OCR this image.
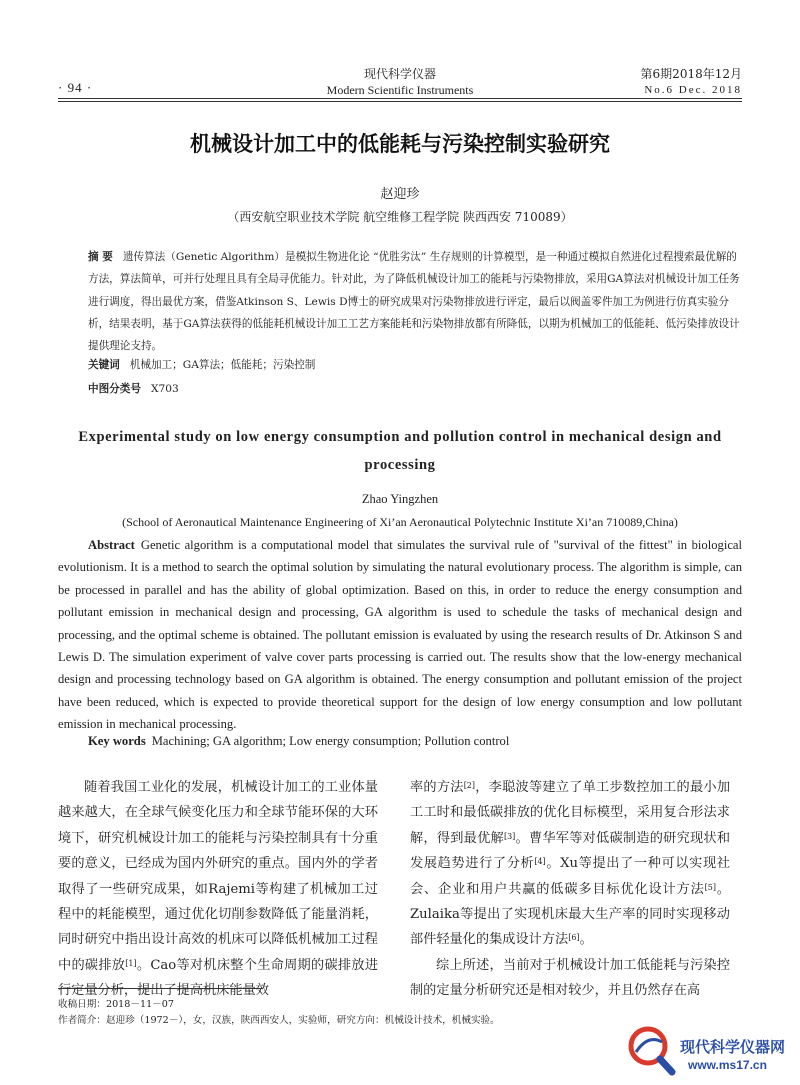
· 94 ·
现代科学仪器
Modern Scientific Instruments
第6期2018年12月
No.6 Dec. 2018
机械设计加工中的低能耗与污染控制实验研究
赵迎珍
（西安航空职业技术学院 航空维修工程学院 陕西西安 710089）
摘 要 遗传算法（Genetic Algorithm）是模拟生物进化论 “优胜劣汰” 生存规则的计算模型，是一种通过模拟自然进化过程搜索最优解的方法，算法简单，可并行处理且具有全局寻优能力。针对此，为了降低机械设计加工的能耗与污染物排放，采用GA算法对机械设计加工任务进行调度，得出最优方案，借鉴Atkinson S、Lewis D博士的研究成果对污染物排放进行评定，最后以阀盖零件加工为例进行仿真实验分析，结果表明，基于GA算法获得的低能耗机械设计加工工艺方案能耗和污染物排放都有所降低，以期为机械加工的低能耗、低污染排放设计提供理论支持。
关键词 机械加工；GA算法；低能耗；污染控制
中图分类号 X703
Experimental study on low energy consumption and pollution control in mechanical design and processing
Zhao Yingzhen
(School of Aeronautical Maintenance Engineering of Xi’an Aeronautical Polytechnic Institute Xi’an 710089,China)
Abstract Genetic algorithm is a computational model that simulates the survival rule of "survival of the fittest" in biological evolutionism. It is a method to search the optimal solution by simulating the natural evolutionary process. The algorithm is simple, can be processed in parallel and has the ability of global optimization. Based on this, in order to reduce the energy consumption and pollutant emission in mechanical design and processing, GA algorithm is used to schedule the tasks of mechanical design and processing, and the optimal scheme is obtained. The pollutant emission is evaluated by using the research results of Dr. Atkinson S and Lewis D. The simulation experiment of valve cover parts processing is carried out. The results show that the low-energy mechanical design and processing technology based on GA algorithm is obtained. The energy consumption and pollutant emission of the project have been reduced, which is expected to provide theoretical support for the design of low energy consumption and low pollutant emission in mechanical processing.
Key words Machining; GA algorithm; Low energy consumption; Pollution control

随着我国工业化的发展，机械设计加工的工业体量越来越大，在全球气候变化压力和全球节能环保的大环境下，研究机械设计加工的能耗与污染控制具有十分重要的意义，已经成为国内外研究的重点。国内外的学者取得了一些研究成果，如Rajemi等构建了机械加工过程中的耗能模型，通过优化切削参数降低了能量消耗，同时研究中指出设计高效的机床可以降低机械加工过程中的碳排放[1]。Cao等对机床整个生命周期的碳排放进行定量分析，提出了提高机床能量效

率的方法[2]，李聪波等建立了单工步数控加工的最小加工工时和最低碳排放的优化目标模型，采用复合形法求解，得到最优解[3]。曹华军等对低碳制造的研究现状和发展趋势进行了分析[4]。Xu等提出了一种可以实现社会、企业和用户共赢的低碳多目标优化设计方法[5]。Zulaika等提出了实现机床最大生产率的同时实现移动部件轻量化的集成设计方法[6]。

综上所述，当前对于机械设计加工低能耗与污染控制的定量分析研究还是相对较少，并且仍然存在高

收稿日期：2018－11－07
作者简介：赵迎珍（1972－），女，汉族，陕西西安人，实验师，研究方向：机械设计技术，机械实验。
现代科学仪器网
www.ms17.cn
